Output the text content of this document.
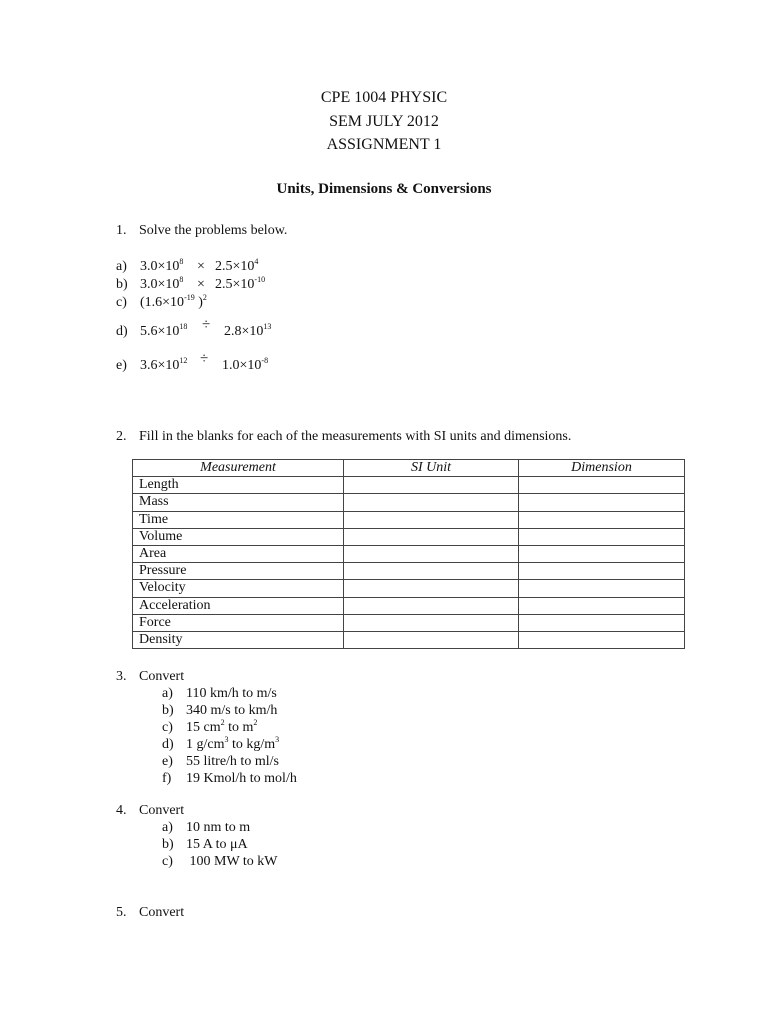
CPE 1004 PHYSIC
SEM JULY 2012
ASSIGNMENT 1
Units, Dimensions & Conversions
1. Solve the problems below.
a) $3.0\times 10^8 \times 2.5\times 10^4$
b) $3.0\times 10^8 \times 2.5\times 10^{-10}$
c) ($1.6\times 10^{-19}$ )$^2$
d) $5.6\times 10^{18} \div 2.8\times 10^{13}$
e) $3.6\times 10^{12} \div 1.0\times 10^{-8}$
2. Fill in the blanks for each of the measurements with SI units and dimensions.
Measurement	SI Unit	Dimension
Length		
Mass		
Time		
Volume		
Area		
Pressure		
Velocity		
Acceleration		
Force		
Density		
3. Convert
a) 110 km/h to m/s
b) 340 m/s to km/h
c) 15 $cm^2$ to $m^2$
d) 1 $g/cm^3$ to $kg/m^3$
e) 55 litre/h to ml/s
f) 19 Kmol/h to mol/h
4. Convert
a) 10 nm to m
b) 15 A to μA
c) 100 MW to kW
5. Convert
